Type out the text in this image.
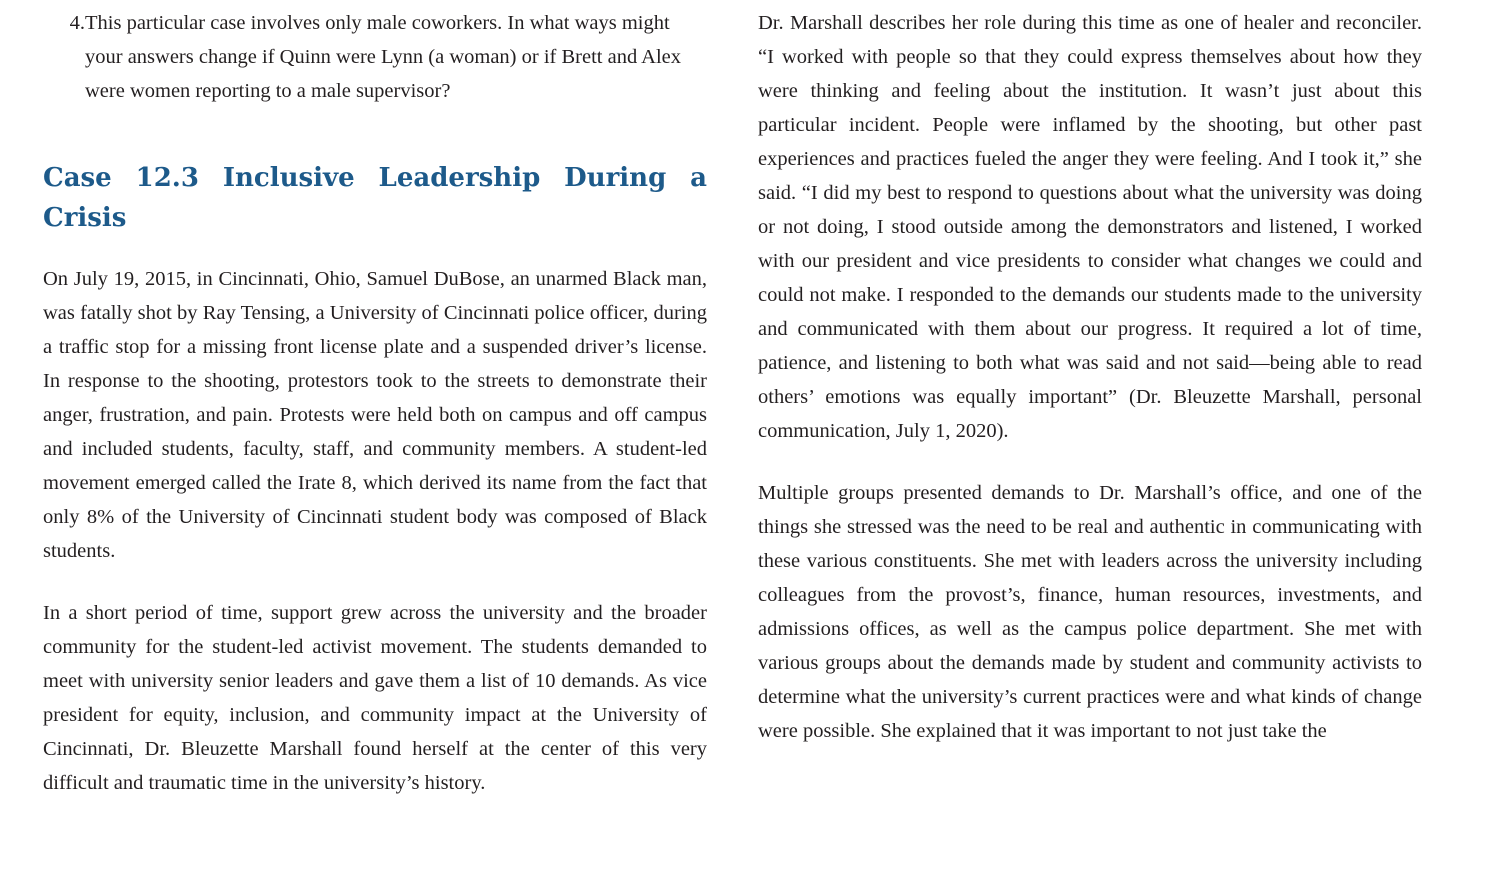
4. This particular case involves only male coworkers. In what ways might your answers change if Quinn were Lynn (a woman) or if Brett and Alex were women reporting to a male supervisor?
Case 12.3 Inclusive Leadership During a Crisis

On July 19, 2015, in Cincinnati, Ohio, Samuel DuBose, an unarmed Black man, was fatally shot by Ray Tensing, a University of Cincinnati police officer, during a traffic stop for a missing front license plate and a suspended driver’s license. In response to the shooting, protestors took to the streets to demonstrate their anger, frustration, and pain. Protests were held both on campus and off campus and included students, faculty, staff, and community members. A student-led movement emerged called the Irate 8, which derived its name from the fact that only 8% of the University of Cincinnati student body was composed of Black students.

In a short period of time, support grew across the university and the broader community for the student-led activist movement. The students demanded to meet with university senior leaders and gave them a list of 10 demands. As vice president for equity, inclusion, and community impact at the University of Cincinnati, Dr. Bleuzette Marshall found herself at the center of this very difficult and traumatic time in the university’s history.

Dr. Marshall describes her role during this time as one of healer and reconciler. “I worked with people so that they could express themselves about how they were thinking and feeling about the institution. It wasn’t just about this particular incident. People were inflamed by the shooting, but other past experiences and practices fueled the anger they were feeling. And I took it,” she said. “I did my best to respond to questions about what the university was doing or not doing, I stood outside among the demonstrators and listened, I worked with our president and vice presidents to consider what changes we could and could not make. I responded to the demands our students made to the university and communicated with them about our progress. It required a lot of time, patience, and listening to both what was said and not said—being able to read others’ emotions was equally important” (Dr. Bleuzette Marshall, personal communication, July 1, 2020).

Multiple groups presented demands to Dr. Marshall’s office, and one of the things she stressed was the need to be real and authentic in communicating with these various constituents. She met with leaders across the university including colleagues from the provost’s, finance, human resources, investments, and admissions offices, as well as the campus police department. She met with various groups about the demands made by student and community activists to determine what the university’s current practices were and what kinds of change were possible. She explained that it was important to not just take the
